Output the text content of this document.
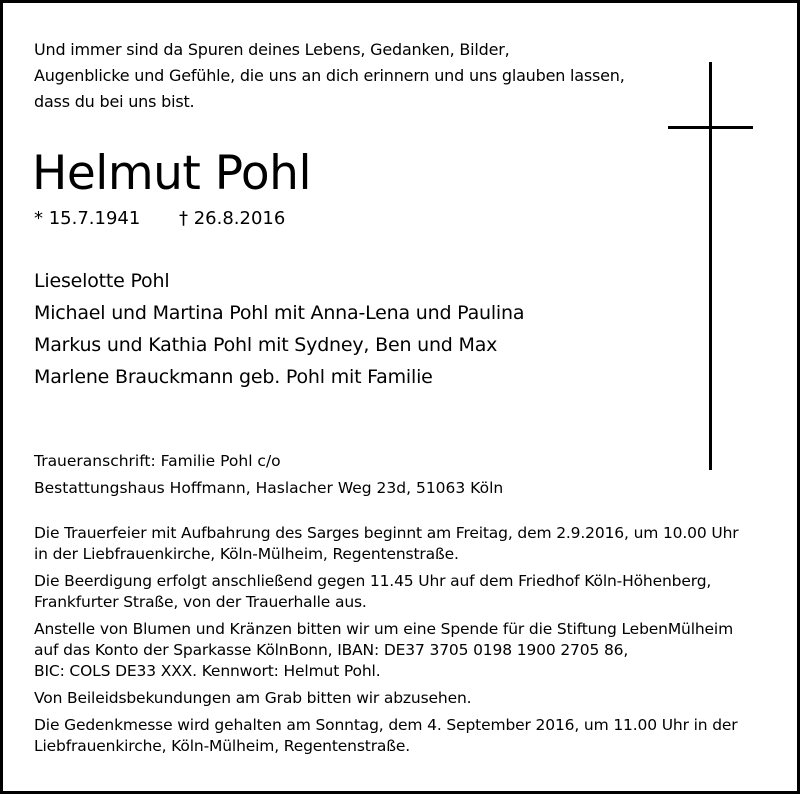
Und immer sind da Spuren deines Lebens, Gedanken, Bilder,
Augenblicke und Gefühle, die uns an dich erinnern und uns glauben lassen,
dass du bei uns bist.
Helmut Pohl
* 15.7.1941 † 26.8.2016
Lieselotte Pohl
Michael und Martina Pohl mit Anna-Lena und Paulina
Markus und Kathia Pohl mit Sydney, Ben und Max
Marlene Brauckmann geb. Pohl mit Familie
Traueranschrift: Familie Pohl c/o
Bestattungshaus Hoffmann, Haslacher Weg 23d, 51063 Köln
Die Trauerfeier mit Aufbahrung des Sarges beginnt am Freitag, dem 2.9.2016, um 10.00 Uhr
in der Liebfrauenkirche, Köln-Mülheim, Regentenstraße.
Die Beerdigung erfolgt anschließend gegen 11.45 Uhr auf dem Friedhof Köln-Höhenberg,
Frankfurter Straße, von der Trauerhalle aus.
Anstelle von Blumen und Kränzen bitten wir um eine Spende für die Stiftung LebenMülheim
auf das Konto der Sparkasse KölnBonn, IBAN: DE37 3705 0198 1900 2705 86,
BIC: COLS DE33 XXX. Kennwort: Helmut Pohl.
Von Beileidsbekundungen am Grab bitten wir abzusehen.
Die Gedenkmesse wird gehalten am Sonntag, dem 4. September 2016, um 11.00 Uhr in der
Liebfrauenkirche, Köln-Mülheim, Regentenstraße.
